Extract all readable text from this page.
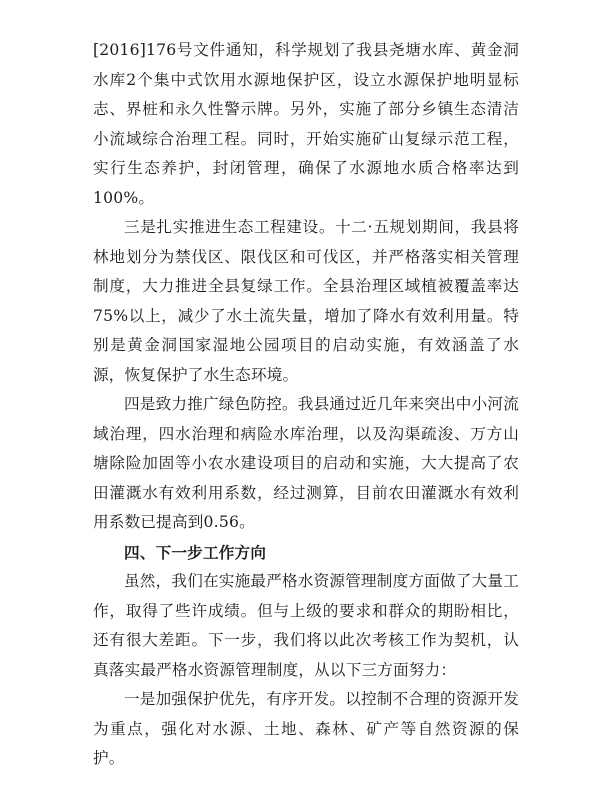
[2016]176号文件通知，科学规划了我县尧塘水库、黄金洞水库2个集中式饮用水源地保护区，设立水源保护地明显标志、界桩和永久性警示牌。另外，实施了部分乡镇生态清洁小流域综合治理工程。同时，开始实施矿山复绿示范工程，实行生态养护，封闭管理，确保了水源地水质合格率达到100%。

三是扎实推进生态工程建设。十二·五规划期间，我县将林地划分为禁伐区、限伐区和可伐区，并严格落实相关管理制度，大力推进全县复绿工作。全县治理区域植被覆盖率达75%以上，减少了水土流失量，增加了降水有效利用量。特别是黄金洞国家湿地公园项目的启动实施，有效涵盖了水源，恢复保护了水生态环境。

四是致力推广绿色防控。我县通过近几年来突出中小河流域治理，四水治理和病险水库治理，以及沟渠疏浚、万方山塘除险加固等小农水建设项目的启动和实施，大大提高了农田灌溉水有效利用系数，经过测算，目前农田灌溉水有效利用系数已提高到0.56。

四、下一步工作方向

虽然，我们在实施最严格水资源管理制度方面做了大量工作，取得了些许成绩。但与上级的要求和群众的期盼相比，还有很大差距。下一步，我们将以此次考核工作为契机，认真落实最严格水资源管理制度，从以下三方面努力：

一是加强保护优先，有序开发。以控制不合理的资源开发为重点，强化对水源、土地、森林、矿产等自然资源的保护。
